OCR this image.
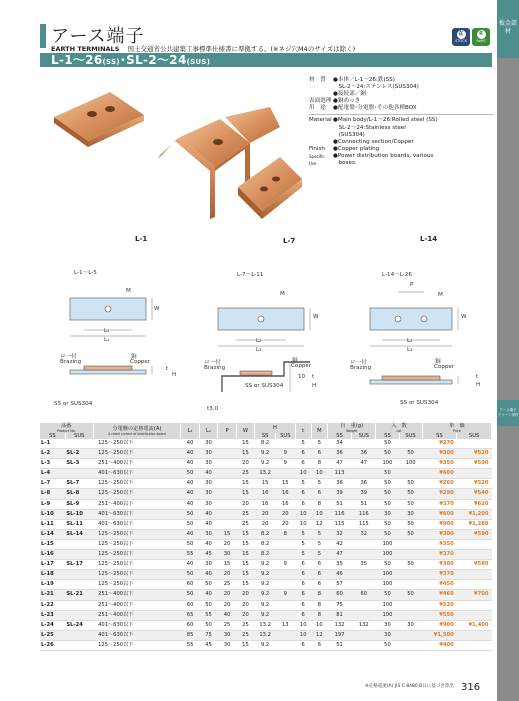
板金部材
アース端子
グリーン部材
アース端子
EARTH TERMINALS 国土交通省公共建築工事標準仕様書に準拠する。(※ネジ穴M4のサイズは除く)
L-1〜26(SS)･SL-2〜24(SUS)
在
STOCK
R
RoHS
L-1	L-7	L-14
材　質	●本体／L-1〜26:鉄(SS)
　SL-2〜24:ステンレス(SUS304)
●接続部／銅
表面処理 ●銅めっき
用　途	●配電盤･分電盤･その他各種BOX
Material ●Main body/L-1〜26:Rolled steel (SS)
　SL-2〜24:Stainless steel
　(SUS304)
●Connecting section/Copper
Finish	●Copper plating
Specific Use
●Power distribution boards, various
　boxes.
L-1〜L-5	L-7〜L-11	L-14〜L-26
M
W
L₂
L₁
ロ一付
Brazing
銅
Copper
t
H
SS or SUS304
M
W
L₂
L₁
ロ一付
Brazing
銅
Copper
10 t
H
t3.0
SS or SUS304
P
M
W
L₂
L₁
ロ一付
Brazing
銅
Copper
t
H
SS or SUS304
品番
Product No.		分電盤の定格電流(A)
A rated current of distribution board	L₁	L₂	P	W	H		t	M	自　重(g)
Weight		入　数
Lot		単　価
Price	

SS	SUS						SS	SUS			SS	SUS	SS	SUS	SS	SUS
L-1		125〜250以下	40	30		15	8.2		5	5	34		50		¥270	
L-2	SL-2	125〜250以下	40	30		15	9.2	9	6	6	36	36	50	50	¥300	¥520
L-3	SL-3	251〜400以下	40	30		20	9.2	9	6	8	47	47	100	100	¥350	¥590
L-4		401〜630以下	50	40		25	13.2		10	10	113		50		¥600	
L-7	SL-7	125〜250以下	40	30		15	15	15	5	5	36	36	50	50	¥260	¥520
L-8	SL-8	125〜250以下	40	30		15	16	16	6	6	39	39	50	50	¥290	¥540
L-9	SL-9	251〜400以下	40	30		20	16	16	6	8	51	51	50	50	¥370	¥620
L-10	SL-10	401〜630以下	50	40		25	20	20	10	10	116	116	30	30	¥600	¥1,200
L-11	SL-11	401〜630以下	50	40		25	20	20	10	12	115	115	50	50	¥900	¥1,280
L-14	SL-14	125〜250以下	40	30	15	15	8.2	8	5	5	32	32	50	50	¥300	¥590
L-15		125〜250以下	50	40	20	15	8.2		5	5	42		100		¥350	
L-16		125〜250以下	55	45	30	15	8.2		5	5	47		100		¥370	
L-17	SL-17	125〜250以下	40	30	15	15	9.2	9	6	6	35	35	50	50	¥300	¥580
L-18		125〜250以下	50	40	20	15	9.2		6	6	46		100		¥370	
L-19		125〜250以下	60	50	25	15	9.2		6	6	57		100		¥450	
L-21	SL-21	251〜400以下	50	40	20	20	9.2	9	6	8	60	60	50	50	¥460	¥700
L-22		251〜400以下	60	50	20	20	9.2		6	8	75		100		¥520	
L-23		251〜400以下	65	55	40	20	9.2		6	8	81		100		¥550	
L-24	SL-24	401〜630以下	60	50	25	25	13.2	13	10	10	132	132	30	30	¥900	¥1,400
L-25		401〜630以下	85	75	30	25	13.2		10	12	197		30		¥1,500	
L-26		125〜250以下	55	45	30	15	9.2		6	6	51		50		¥400	
※定格電流(A) JIS C 8480 B日に基づき算出 316
